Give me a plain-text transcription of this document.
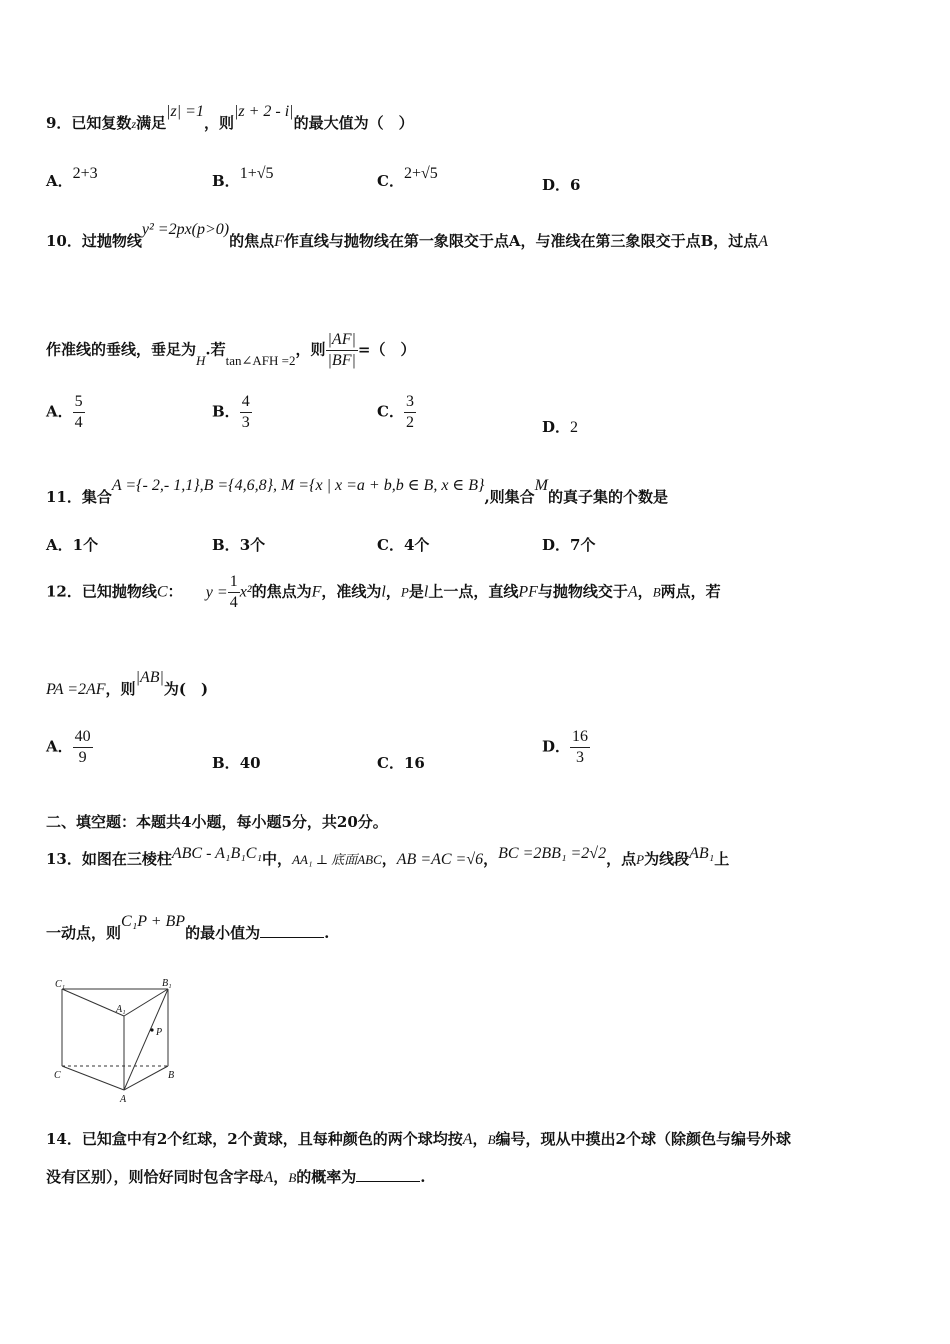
9．已知复数z满足|z| =1，则|z + 2 - i|的最大值为（　）
A．2+3	B．1+√5	C．2+√5
D．6
10．过抛物线y² =2px(p>0)的焦点F作直线与抛物线在第一象限交于点A，与准线在第三象限交于点B，过点A
作准线的垂线，垂足为H.若tan∠AFH =2，则 $\frac{|AF|}{|BF|}$ =（　）
A． $\frac{5}{4}$	B． $\frac{4}{3}$	C． $\frac{3}{2}$	D．2
11．集合A ={- 2,- 1,1},B ={4,6,8}, M ={x | x =a + b,b ∈ B, x ∈ B},则集合M的真子集的个数是
A．1个	B．3个	C．4个	D．7个
12．已知抛物线C： $y = \frac{1}{4} x^2$的焦点为F，准线为l，P是l上一点，直线PF与抛物线交于A，B两点，若
PA =2AF，则|AB|为(　)
A． $\frac{40}{9}$	B．40	C．16
D． $\frac{16}{3}$
二、填空题：本题共4小题，每小题5分，共20分。
13．如图在三棱柱ABC - A₁B₁C₁中，AA₁ ⊥ 底面ABC，AB =AC =√6，BC =2BB₁ =2√2，点P为线段AB₁上
一动点，则C₁P + BP的最小值为	.
C₁	B₁
A₁
P
C	B
A
14．已知盒中有2个红球，2个黄球，且每种颜色的两个球均按A，B编号，现从中摸出2个球（除颜色与编号外球
没有区别），则恰好同时包含字母A，B的概率为	.
